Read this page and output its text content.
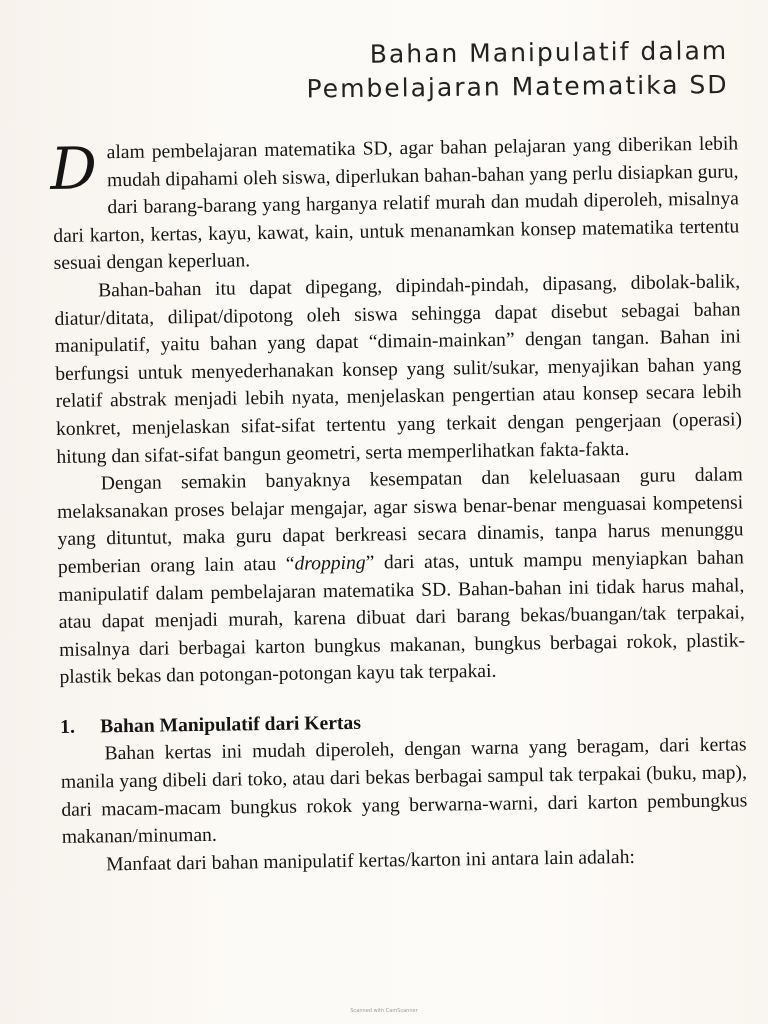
Bahan Manipulatif dalam
Pembelajaran Matematika SD

Dalam pembelajaran matematika SD, agar bahan pelajaran yang diberikan lebih mudah dipahami oleh siswa, diperlukan bahan-bahan yang perlu disiapkan guru, dari barang-barang yang harganya relatif murah dan mudah diperoleh, misalnya dari karton, kertas, kayu, kawat, kain, untuk menanamkan konsep matematika tertentu sesuai dengan keperluan.

Bahan-bahan itu dapat dipegang, dipindah-pindah, dipasang, dibolak-balik, diatur/ditata, dilipat/dipotong oleh siswa sehingga dapat disebut sebagai bahan manipulatif, yaitu bahan yang dapat “dimain-mainkan” dengan tangan. Bahan ini berfungsi untuk menyederhanakan konsep yang sulit/sukar, menyajikan bahan yang relatif abstrak menjadi lebih nyata, menjelaskan pengertian atau konsep secara lebih konkret, menjelaskan sifat-sifat tertentu yang terkait dengan pengerjaan (operasi) hitung dan sifat-sifat bangun geometri, serta memperlihatkan fakta-fakta.

Dengan semakin banyaknya kesempatan dan keleluasaan guru dalam melaksanakan proses belajar mengajar, agar siswa benar-benar menguasai kompetensi yang dituntut, maka guru dapat berkreasi secara dinamis, tanpa harus menunggu pemberian orang lain atau “dropping” dari atas, untuk mampu menyiapkan bahan manipulatif dalam pembelajaran matematika SD. Bahan-bahan ini tidak harus mahal, atau dapat menjadi murah, karena dibuat dari barang bekas/buangan/tak terpakai, misalnya dari berbagai karton bungkus makanan, bungkus berbagai rokok, plastik-plastik bekas dan potongan-potongan kayu tak terpakai.

1.	Bahan Manipulatif dari Kertas

Bahan kertas ini mudah diperoleh, dengan warna yang beragam, dari kertas manila yang dibeli dari toko, atau dari bekas berbagai sampul tak terpakai (buku, map), dari macam-macam bungkus rokok yang berwarna-warni, dari karton pembungkus makanan/minuman.

Manfaat dari bahan manipulatif kertas/karton ini antara lain adalah:

Scanned with CamScanner
